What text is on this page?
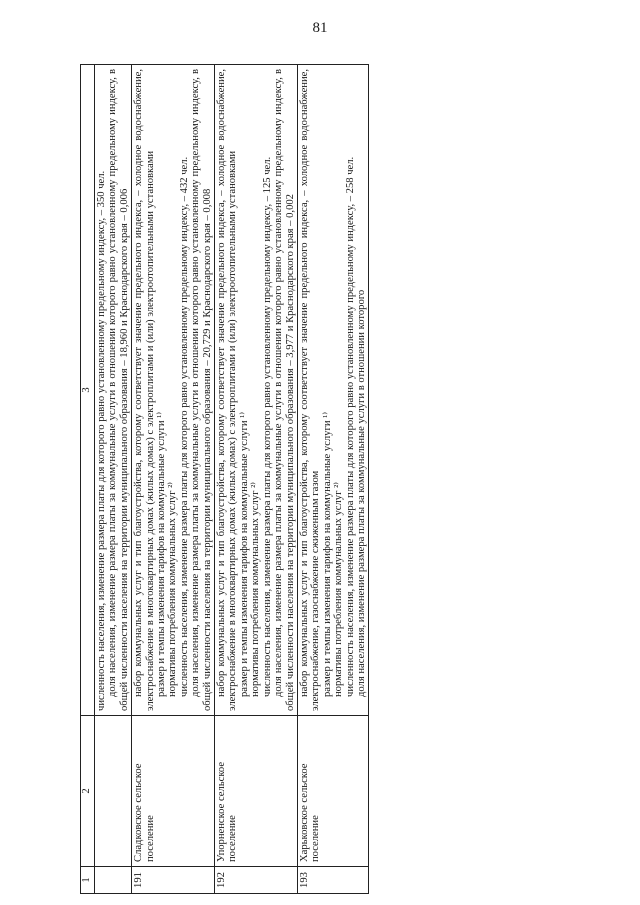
81
1	2	3

		численность населения, изменение размера платы для которого равно установленному предельному индексу, – 350 чел. доля населения, изменение размера платы за коммунальные услуги в отношении которого равно установленному предельному индексу, в общей численности населения на территории муниципального образования – 18,960 и Краснодарского края – 0,006

191	Сладковское сельское поселение	набор коммунальных услуг и тип благоустройства, которому соответствует значение предельного индекса, – холодное водоснабжение, электроснабжение в многоквартирных домах (жилых домах) с электроплитами и (или) электроотопительными установками размер и темпы изменения тарифов на коммунальные услуги ¹⁾ нормативы потребления коммунальных услуг ²⁾ численность населения, изменение размера платы для которого равно установленному предельному индексу, – 432 чел. доля населения, изменение размера платы за коммунальные услуги в отношении которого равно установленному предельному индексу, в общей численности населения на территории муниципального образования – 20,729 и Краснодарского края – 0,008

192	Упорненское сельское поселение	набор коммунальных услуг и тип благоустройства, которому соответствует значение предельного индекса, – холодное водоснабжение, электроснабжение в многоквартирных домах (жилых домах) с электроплитами и (или) электроотопительными установками размер и темпы изменения тарифов на коммунальные услуги ¹⁾ нормативы потребления коммунальных услуг ²⁾ численность населения, изменение размера платы для которого равно установленному предельному индексу, – 125 чел. доля населения, изменение размера платы за коммунальные услуги в отношении которого равно установленному предельному индексу, в общей численности населения на территории муниципального образования – 3,977 и Краснодарского края – 0,002

193	Харьковское сельское поселение	набор коммунальных услуг и тип благоустройства, которому соответствует значение предельного индекса, – холодное водоснабжение, электроснабжение, газоснабжение сжиженным газом размер и темпы изменения тарифов на коммунальные услуги ¹⁾ нормативы потребления коммунальных услуг ²⁾ численность населения, изменение размера платы для которого равно установленному предельному индексу, – 258 чел. доля населения, изменение размера платы за коммунальные услуги в отношении которого
